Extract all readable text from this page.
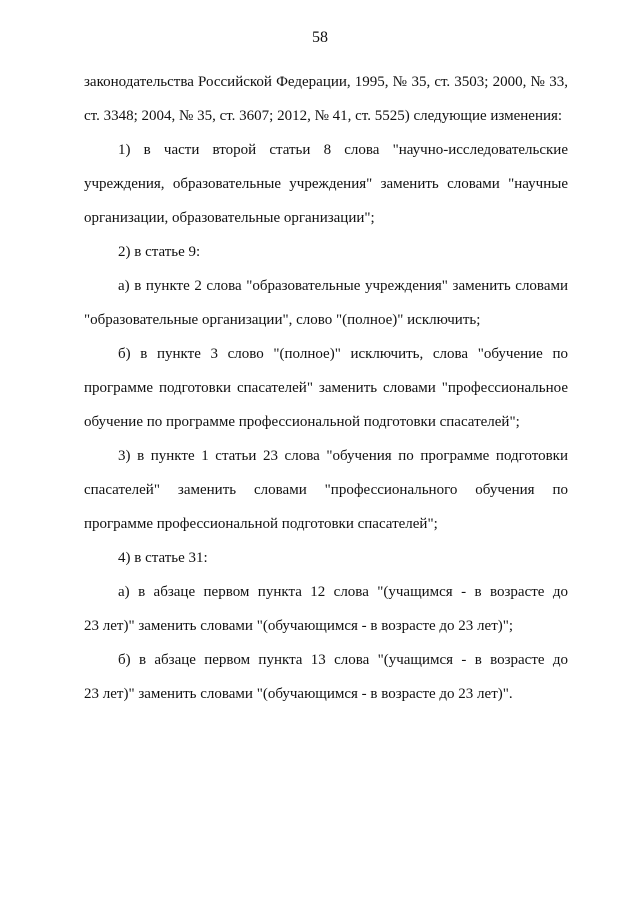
58

законодательства Российской Федерации, 1995, № 35, ст. 3503; 2000, № 33,
ст. 3348; 2004, № 35, ст. 3607; 2012, № 41, ст. 5525) следующие изменения:

1) в части второй статьи 8 слова "научно-исследовательские
учреждения, образовательные учреждения" заменить словами "научные
организации, образовательные организации";

2) в статье 9:

а) в пункте 2 слова "образовательные учреждения" заменить словами
"образовательные организации", слово "(полное)" исключить;

б) в пункте 3 слово "(полное)" исключить, слова "обучение по
программе подготовки спасателей" заменить словами "профессиональное
обучение по программе профессиональной подготовки спасателей";

3) в пункте 1 статьи 23 слова "обучения по программе подготовки
спасателей" заменить словами "профессионального обучения по
программе профессиональной подготовки спасателей";

4) в статье 31:

а) в абзаце первом пункта 12 слова "(учащимся - в возрасте до
23 лет)" заменить словами "(обучающимся - в возрасте до 23 лет)";

б) в абзаце первом пункта 13 слова "(учащимся - в возрасте до
23 лет)" заменить словами "(обучающимся - в возрасте до 23 лет)".
